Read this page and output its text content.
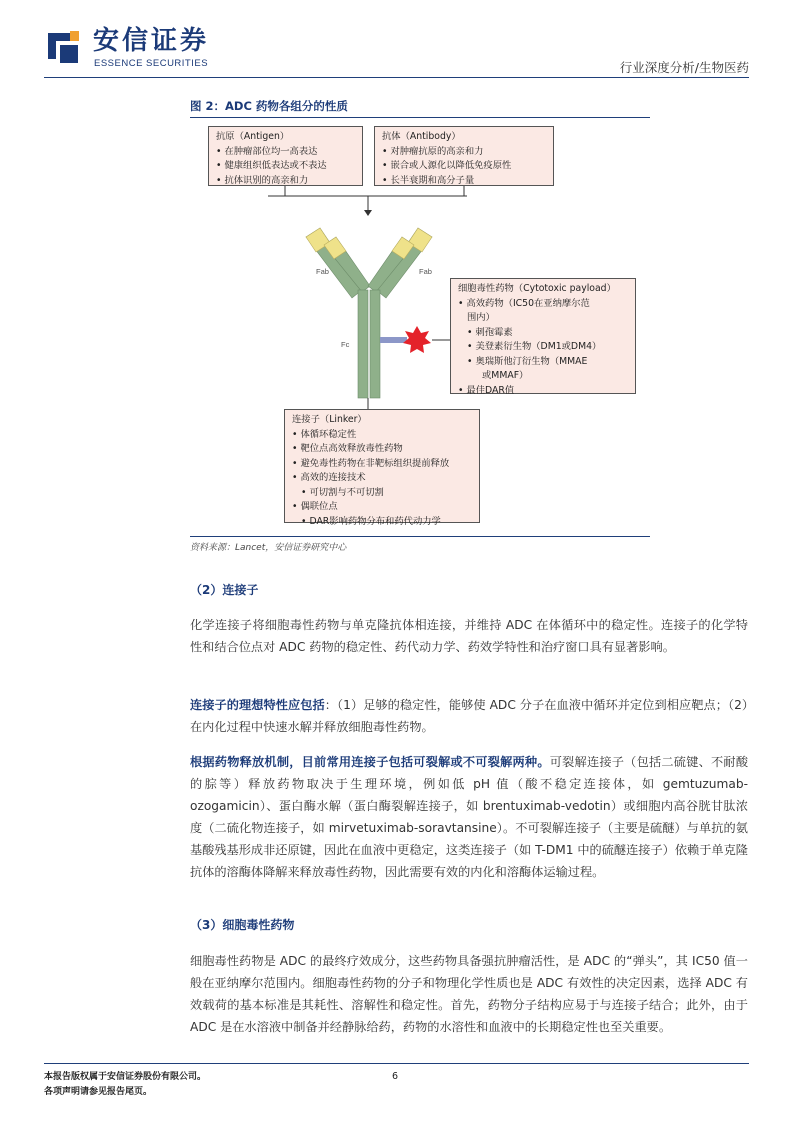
安信证券
ESSENCE SECURITIES	行业深度分析/生物医药
图 2：ADC 药物各组分的性质
Fab	Fab
Fc
抗原（Antigen）
• 在肿瘤部位均一高表达
• 健康组织低表达或不表达
• 抗体识别的高亲和力
抗体（Antibody）
• 对肿瘤抗原的高亲和力
• 嵌合或人源化以降低免疫原性
• 长半衰期和高分子量
细胞毒性药物（Cytotoxic payload）
• 高效药物（IC50在亚纳摩尔范
围内）
• 刺孢霉素
• 美登素衍生物（DM1或DM4）
• 奥瑞斯他汀衍生物（MMAE
或MMAF）
• 最佳DAR值
连接子（Linker）
• 体循环稳定性
• 靶位点高效释放毒性药物
• 避免毒性药物在非靶标组织提前释放
• 高效的连接技术
• 可切割与不可切割
• 偶联位点
• DAR影响药物分布和药代动力学
资料来源：Lancet，安信证券研究中心
（2）连接子
化学连接子将细胞毒性药物与单克隆抗体相连接，并维持 ADC 在体循环中的稳定性。连接子的化学特性和结合位点对 ADC 药物的稳定性、药代动力学、药效学特性和治疗窗口具有显著影响。
连接子的理想特性应包括：（1）足够的稳定性，能够使 ADC 分子在血液中循环并定位到相应靶点；（2）在内化过程中快速水解并释放细胞毒性药物。
根据药物释放机制，目前常用连接子包括可裂解或不可裂解两种。可裂解连接子（包括二硫键、不耐酸的腙等）释放药物取决于生理环境，例如低 pH 值（酸不稳定连接体，如 gemtuzumab-ozogamicin）、蛋白酶水解（蛋白酶裂解连接子，如 brentuximab-vedotin）或细胞内高谷胱甘肽浓度（二硫化物连接子，如 mirvetuximab-soravtansine）。不可裂解连接子（主要是硫醚）与单抗的氨基酸残基形成非还原键，因此在血液中更稳定，这类连接子（如 T-DM1 中的硫醚连接子）依赖于单克隆抗体的溶酶体降解来释放毒性药物，因此需要有效的内化和溶酶体运输过程。
（3）细胞毒性药物
细胞毒性药物是 ADC 的最终疗效成分，这些药物具备强抗肿瘤活性，是 ADC 的“弹头”，其 IC50 值一般在亚纳摩尔范围内。细胞毒性药物的分子和物理化学性质也是 ADC 有效性的决定因素，选择 ADC 有效载荷的基本标准是其耗性、溶解性和稳定性。首先，药物分子结构应易于与连接子结合；此外，由于 ADC 是在水溶液中制备并经静脉给药，药物的水溶性和血液中的长期稳定性也至关重要。
本报告版权属于安信证券股份有限公司。
各项声明请参见报告尾页。
6
